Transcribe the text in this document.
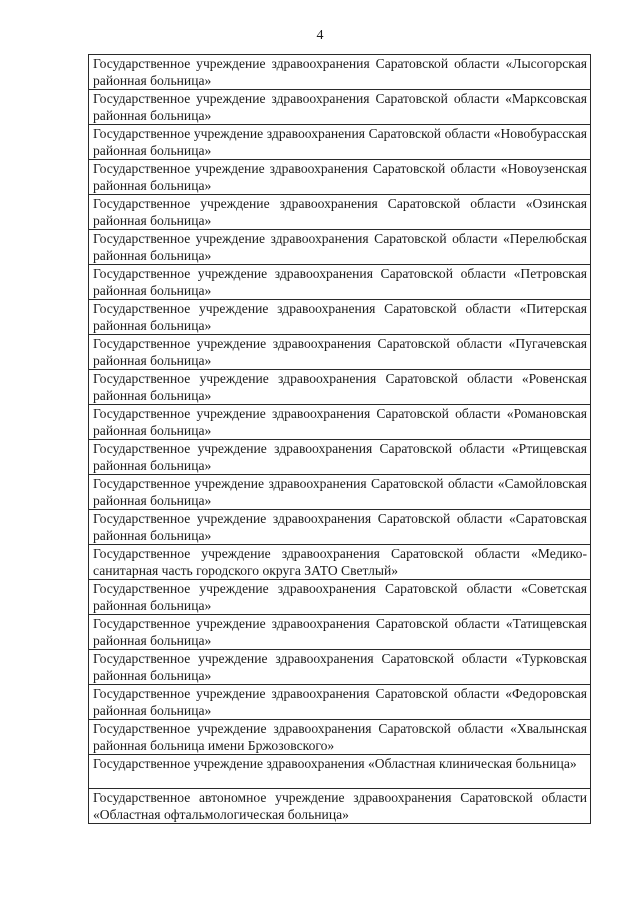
4
Государственное учреждение здравоохранения Саратовской области «Лысогорская районная больница»

Государственное учреждение здравоохранения Саратовской области «Марксовская районная больница»

Государственное учреждение здравоохранения Саратовской области «Новобурасская районная больница»

Государственное учреждение здравоохранения Саратовской области «Новоузенская районная больница»

Государственное учреждение здравоохранения Саратовской области «Озинская районная больница»

Государственное учреждение здравоохранения Саратовской области «Перелюбская районная больница»

Государственное учреждение здравоохранения Саратовской области «Петровская районная больница»

Государственное учреждение здравоохранения Саратовской области «Питерская районная больница»

Государственное учреждение здравоохранения Саратовской области «Пугачевская районная больница»

Государственное учреждение здравоохранения Саратовской области «Ровенская районная больница»

Государственное учреждение здравоохранения Саратовской области «Романовская районная больница»

Государственное учреждение здравоохранения Саратовской области «Ртищевская районная больница»

Государственное учреждение здравоохранения Саратовской области «Самойловская районная больница»

Государственное учреждение здравоохранения Саратовской области «Саратовская районная больница»

Государственное учреждение здравоохранения Саратовской области «Медико-санитарная часть городского округа ЗАТО Светлый»

Государственное учреждение здравоохранения Саратовской области «Советская районная больница»

Государственное учреждение здравоохранения Саратовской области «Татищевская районная больница»

Государственное учреждение здравоохранения Саратовской области «Турковская районная больница»

Государственное учреждение здравоохранения Саратовской области «Федоровская районная больница»

Государственное учреждение здравоохранения Саратовской области «Хвалынская районная больница имени Бржозовского»

Государственное учреждение здравоохранения «Областная клиническая больница»

Государственное автономное учреждение здравоохранения Саратовской области «Областная офтальмологическая больница»
